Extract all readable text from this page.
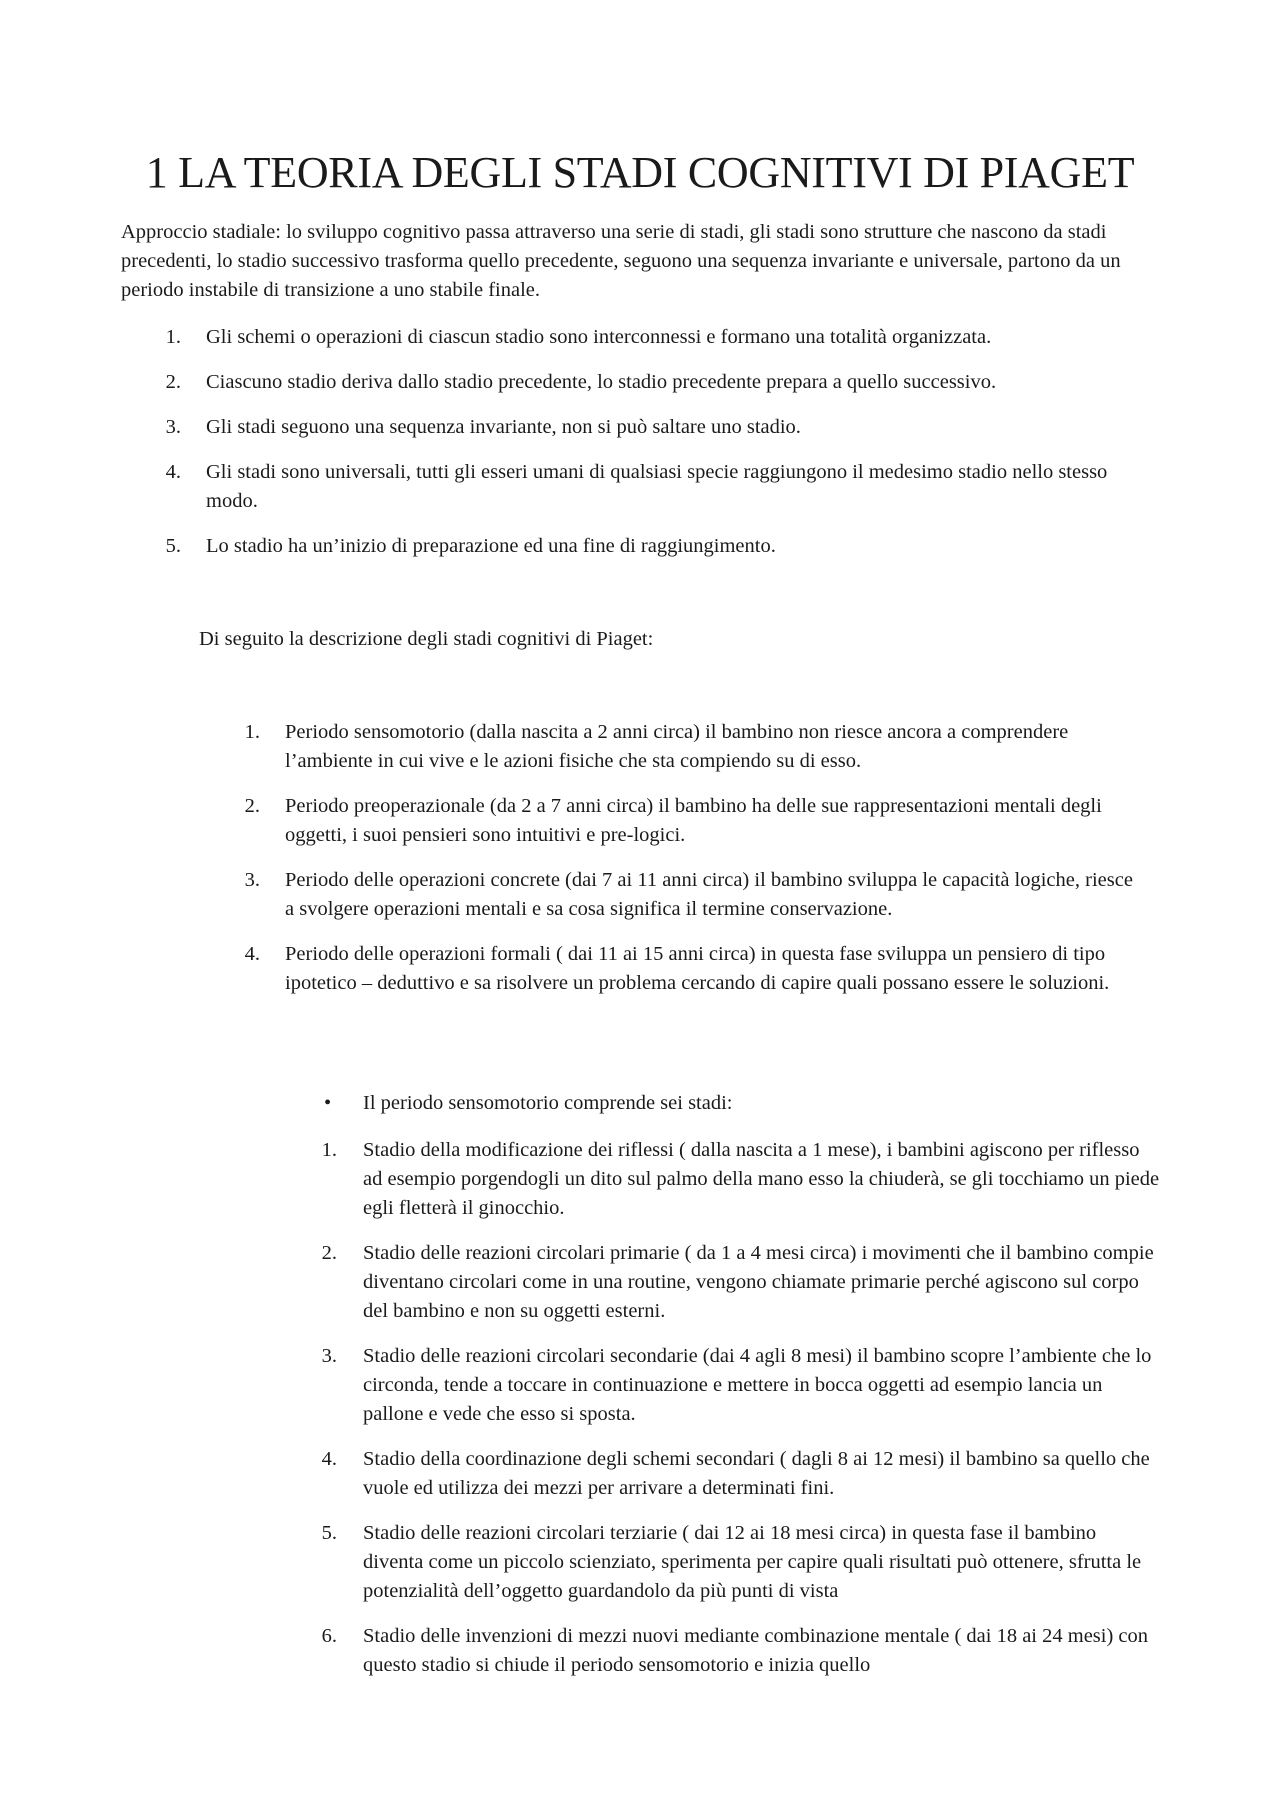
1 LA TEORIA DEGLI STADI COGNITIVI DI PIAGET

Approccio stadiale: lo sviluppo cognitivo passa attraverso una serie di stadi, gli stadi sono strutture che nascono da stadi precedenti, lo stadio successivo trasforma quello precedente, seguono una sequenza invariante e universale, partono da un periodo instabile di transizione a uno stabile finale.

1. Gli schemi o operazioni di ciascun stadio sono interconnessi e formano una totalità organizzata.
2. Ciascuno stadio deriva dallo stadio precedente, lo stadio precedente prepara a quello successivo.
3. Gli stadi seguono una sequenza invariante, non si può saltare uno stadio.
4. Gli stadi sono universali, tutti gli esseri umani di qualsiasi specie raggiungono il medesimo stadio nello stesso modo.
5. Lo stadio ha un’inizio di preparazione ed una fine di raggiungimento.

Di seguito la descrizione degli stadi cognitivi di Piaget:

1. Periodo sensomotorio (dalla nascita a 2 anni circa) il bambino non riesce ancora a comprendere l’ambiente in cui vive e le azioni fisiche che sta compiendo su di esso.
2. Periodo preoperazionale (da 2 a 7 anni circa) il bambino ha delle sue rappresentazioni mentali degli oggetti, i suoi pensieri sono intuitivi e pre-logici.
3. Periodo delle operazioni concrete (dai 7 ai 11 anni circa) il bambino sviluppa le capacità logiche, riesce a svolgere operazioni mentali e sa cosa significa il termine conservazione.
4. Periodo delle operazioni formali ( dai 11 ai 15 anni circa) in questa fase sviluppa un pensiero di tipo ipotetico – deduttivo e sa risolvere un problema cercando di capire quali possano essere le soluzioni.
•	Il periodo sensomotorio comprende sei stadi:
1. Stadio della modificazione dei riflessi ( dalla nascita a 1 mese), i bambini agiscono per riflesso ad esempio porgendogli un dito sul palmo della mano esso la chiuderà, se gli tocchiamo un piede egli fletterà il ginocchio.
2. Stadio delle reazioni circolari primarie ( da 1 a 4 mesi circa) i movimenti che il bambino compie diventano circolari come in una routine, vengono chiamate primarie perché agiscono sul corpo del bambino e non su oggetti esterni.
3. Stadio delle reazioni circolari secondarie (dai 4 agli 8 mesi) il bambino scopre l’ambiente che lo circonda, tende a toccare in continuazione e mettere in bocca oggetti ad esempio lancia un pallone e vede che esso si sposta.
4. Stadio della coordinazione degli schemi secondari ( dagli 8 ai 12 mesi) il bambino sa quello che vuole ed utilizza dei mezzi per arrivare a determinati fini.
5. Stadio delle reazioni circolari terziarie ( dai 12 ai 18 mesi circa) in questa fase il bambino diventa come un piccolo scienziato, sperimenta per capire quali risultati può ottenere, sfrutta le potenzialità dell’oggetto guardandolo da più punti di vista
6. Stadio delle invenzioni di mezzi nuovi mediante combinazione mentale ( dai 18 ai 24 mesi) con questo stadio si chiude il periodo sensomotorio e inizia quello
